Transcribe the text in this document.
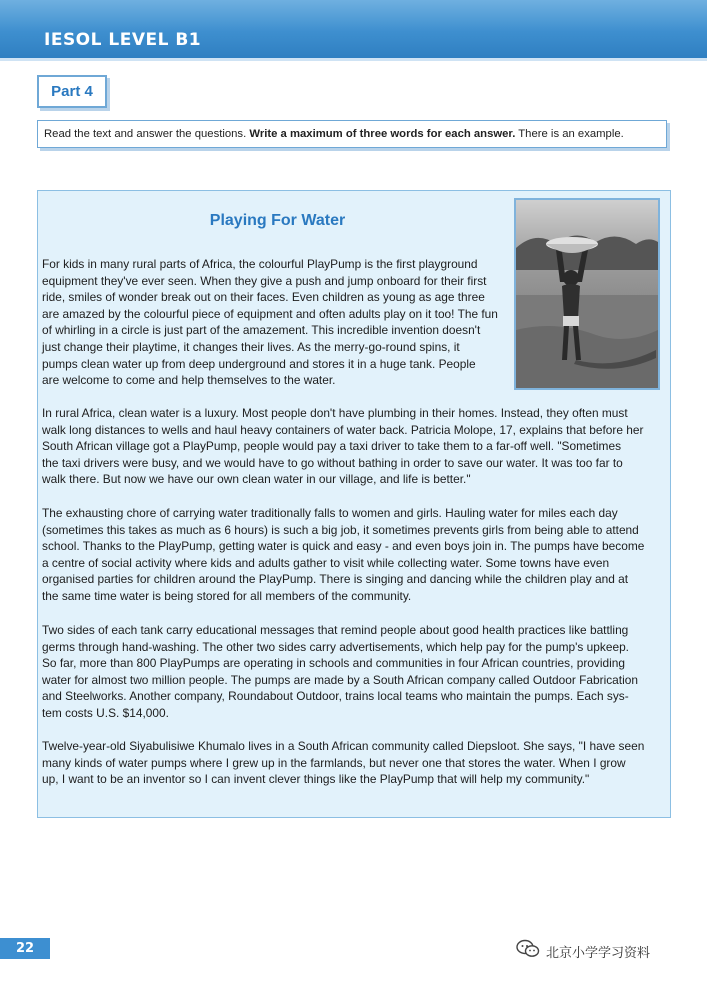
IESOL LEVEL B1
Part 4
Read the text and answer the questions. Write a maximum of three words for each answer. There is an example.
Playing For Water
For kids in many rural parts of Africa, the colourful PlayPump is the first playground
equipment they've ever seen. When they give a push and jump onboard for their first
ride, smiles of wonder break out on their faces. Even children as young as age three
are amazed by the colourful piece of equipment and often adults play on it too! The fun
of whirling in a circle is just part of the amazement. This incredible invention doesn't
just change their playtime, it changes their lives. As the merry-go-round spins, it
pumps clean water up from deep underground and stores it in a huge tank. People
are welcome to come and help themselves to the water.
In rural Africa, clean water is a luxury. Most people don't have plumbing in their homes. Instead, they often must
walk long distances to wells and haul heavy containers of water back. Patricia Molope, 17, explains that before her
South African village got a PlayPump, people would pay a taxi driver to take them to a far-off well. "Sometimes
the taxi drivers were busy, and we would have to go without bathing in order to save our water. It was too far to
walk there. But now we have our own clean water in our village, and life is better."
The exhausting chore of carrying water traditionally falls to women and girls. Hauling water for miles each day
(sometimes this takes as much as 6 hours) is such a big job, it sometimes prevents girls from being able to attend
school. Thanks to the PlayPump, getting water is quick and easy - and even boys join in. The pumps have become
a centre of social activity where kids and adults gather to visit while collecting water. Some towns have even
organised parties for children around the PlayPump. There is singing and dancing while the children play and at
the same time water is being stored for all members of the community.
Two sides of each tank carry educational messages that remind people about good health practices like battling
germs through hand-washing. The other two sides carry advertisements, which help pay for the pump's upkeep.
So far, more than 800 PlayPumps are operating in schools and communities in four African countries, providing
water for almost two million people. The pumps are made by a South African company called Outdoor Fabrication
and Steelworks. Another company, Roundabout Outdoor, trains local teams who maintain the pumps. Each sys-
tem costs U.S. $14,000.
Twelve-year-old Siyabulisiwe Khumalo lives in a South African community called Diepsloot. She says, "I have seen
many kinds of water pumps where I grew up in the farmlands, but never one that stores the water. When I grow
up, I want to be an inventor so I can invent clever things like the PlayPump that will help my community."
22	北京小学学习资料
